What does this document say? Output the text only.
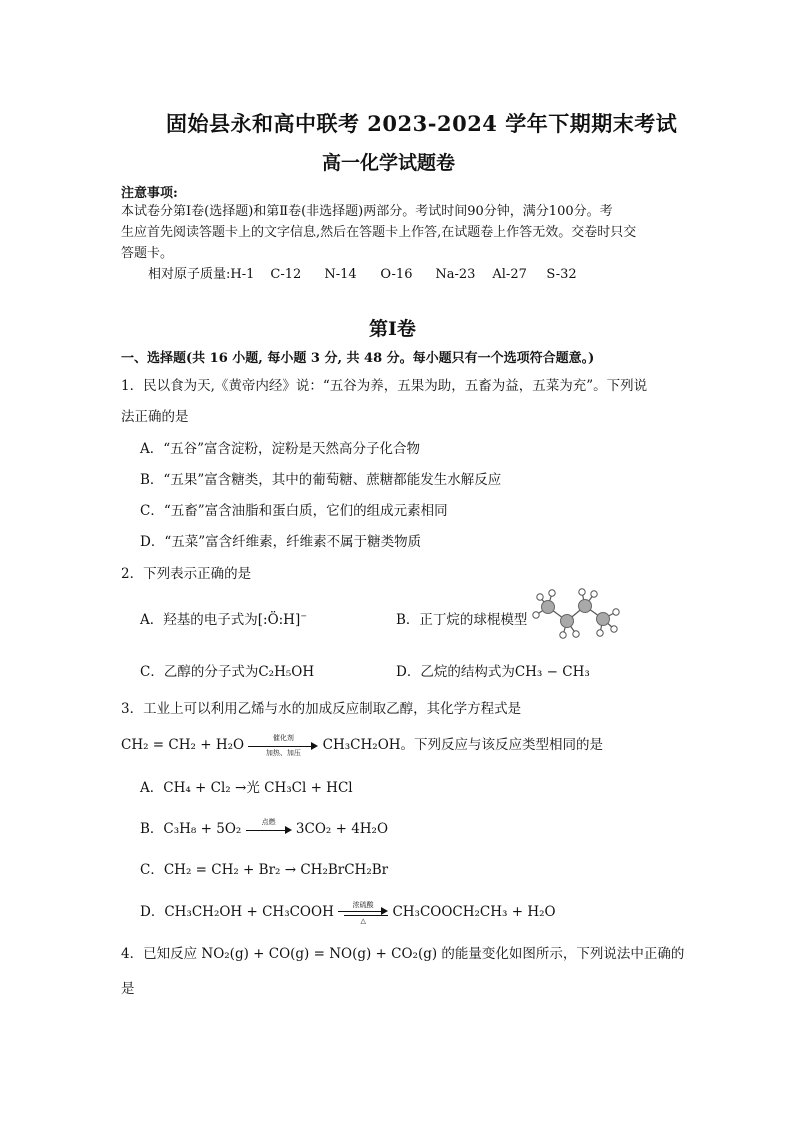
固始县永和高中联考 2023-2024 学年下期期末考试
高一化学试题卷
注意事项:
本试卷分第Ⅰ卷(选择题)和第Ⅱ卷(非选择题)两部分。考试时间90分钟，满分100分。考
生应首先阅读答题卡上的文字信息,然后在答题卡上作答,在试题卷上作答无效。交卷时只交
答题卡。
相对原子质量:H-1 C-12 N-14 O-16 Na-23 Al-27 S-32
第Ⅰ卷
一、选择题(共 16 小题, 每小题 3 分, 共 48 分。每小题只有一个选项符合题意。)
1．民以食为天,《黄帝内经》说：“五谷为养，五果为助，五畜为益，五菜为充”。下列说
法正确的是
A．“五谷”富含淀粉，淀粉是天然高分子化合物
B．“五果”富含糖类，其中的葡萄糖、蔗糖都能发生水解反应
C．“五畜”富含油脂和蛋白质，它们的组成元素相同
D．“五菜”富含纤维素，纤维素不属于糖类物质
2．下列表示正确的是
A．羟基的电子式为[:Ö:H]−	B．正丁烷的球棍模型
C．乙醇的分子式为C₂H₅OH	D．乙烷的结构式为CH₃ − CH₃
3．工业上可以利用乙烯与水的加成反应制取乙醇，其化学方程式是
CH₂ = CH₂ + H₂O	催化剂
加热、加压	CH₃CH₂OH。下列反应与该反应类型相同的是
A．CH₄ + Cl₂ →光 CH₃Cl + HCl
B．C₃H₈ + 5O₂	点燃	3CO₂ + 4H₂O
C．CH₂ = CH₂ + Br₂ → CH₂BrCH₂Br
D．CH₃CH₂OH + CH₃COOH	浓硫酸
△
CH₃COOCH₂CH₃ + H₂O
4．已知反应 NO₂(g) + CO(g) = NO(g) + CO₂(g) 的能量变化如图所示，下列说法中正确的
是
